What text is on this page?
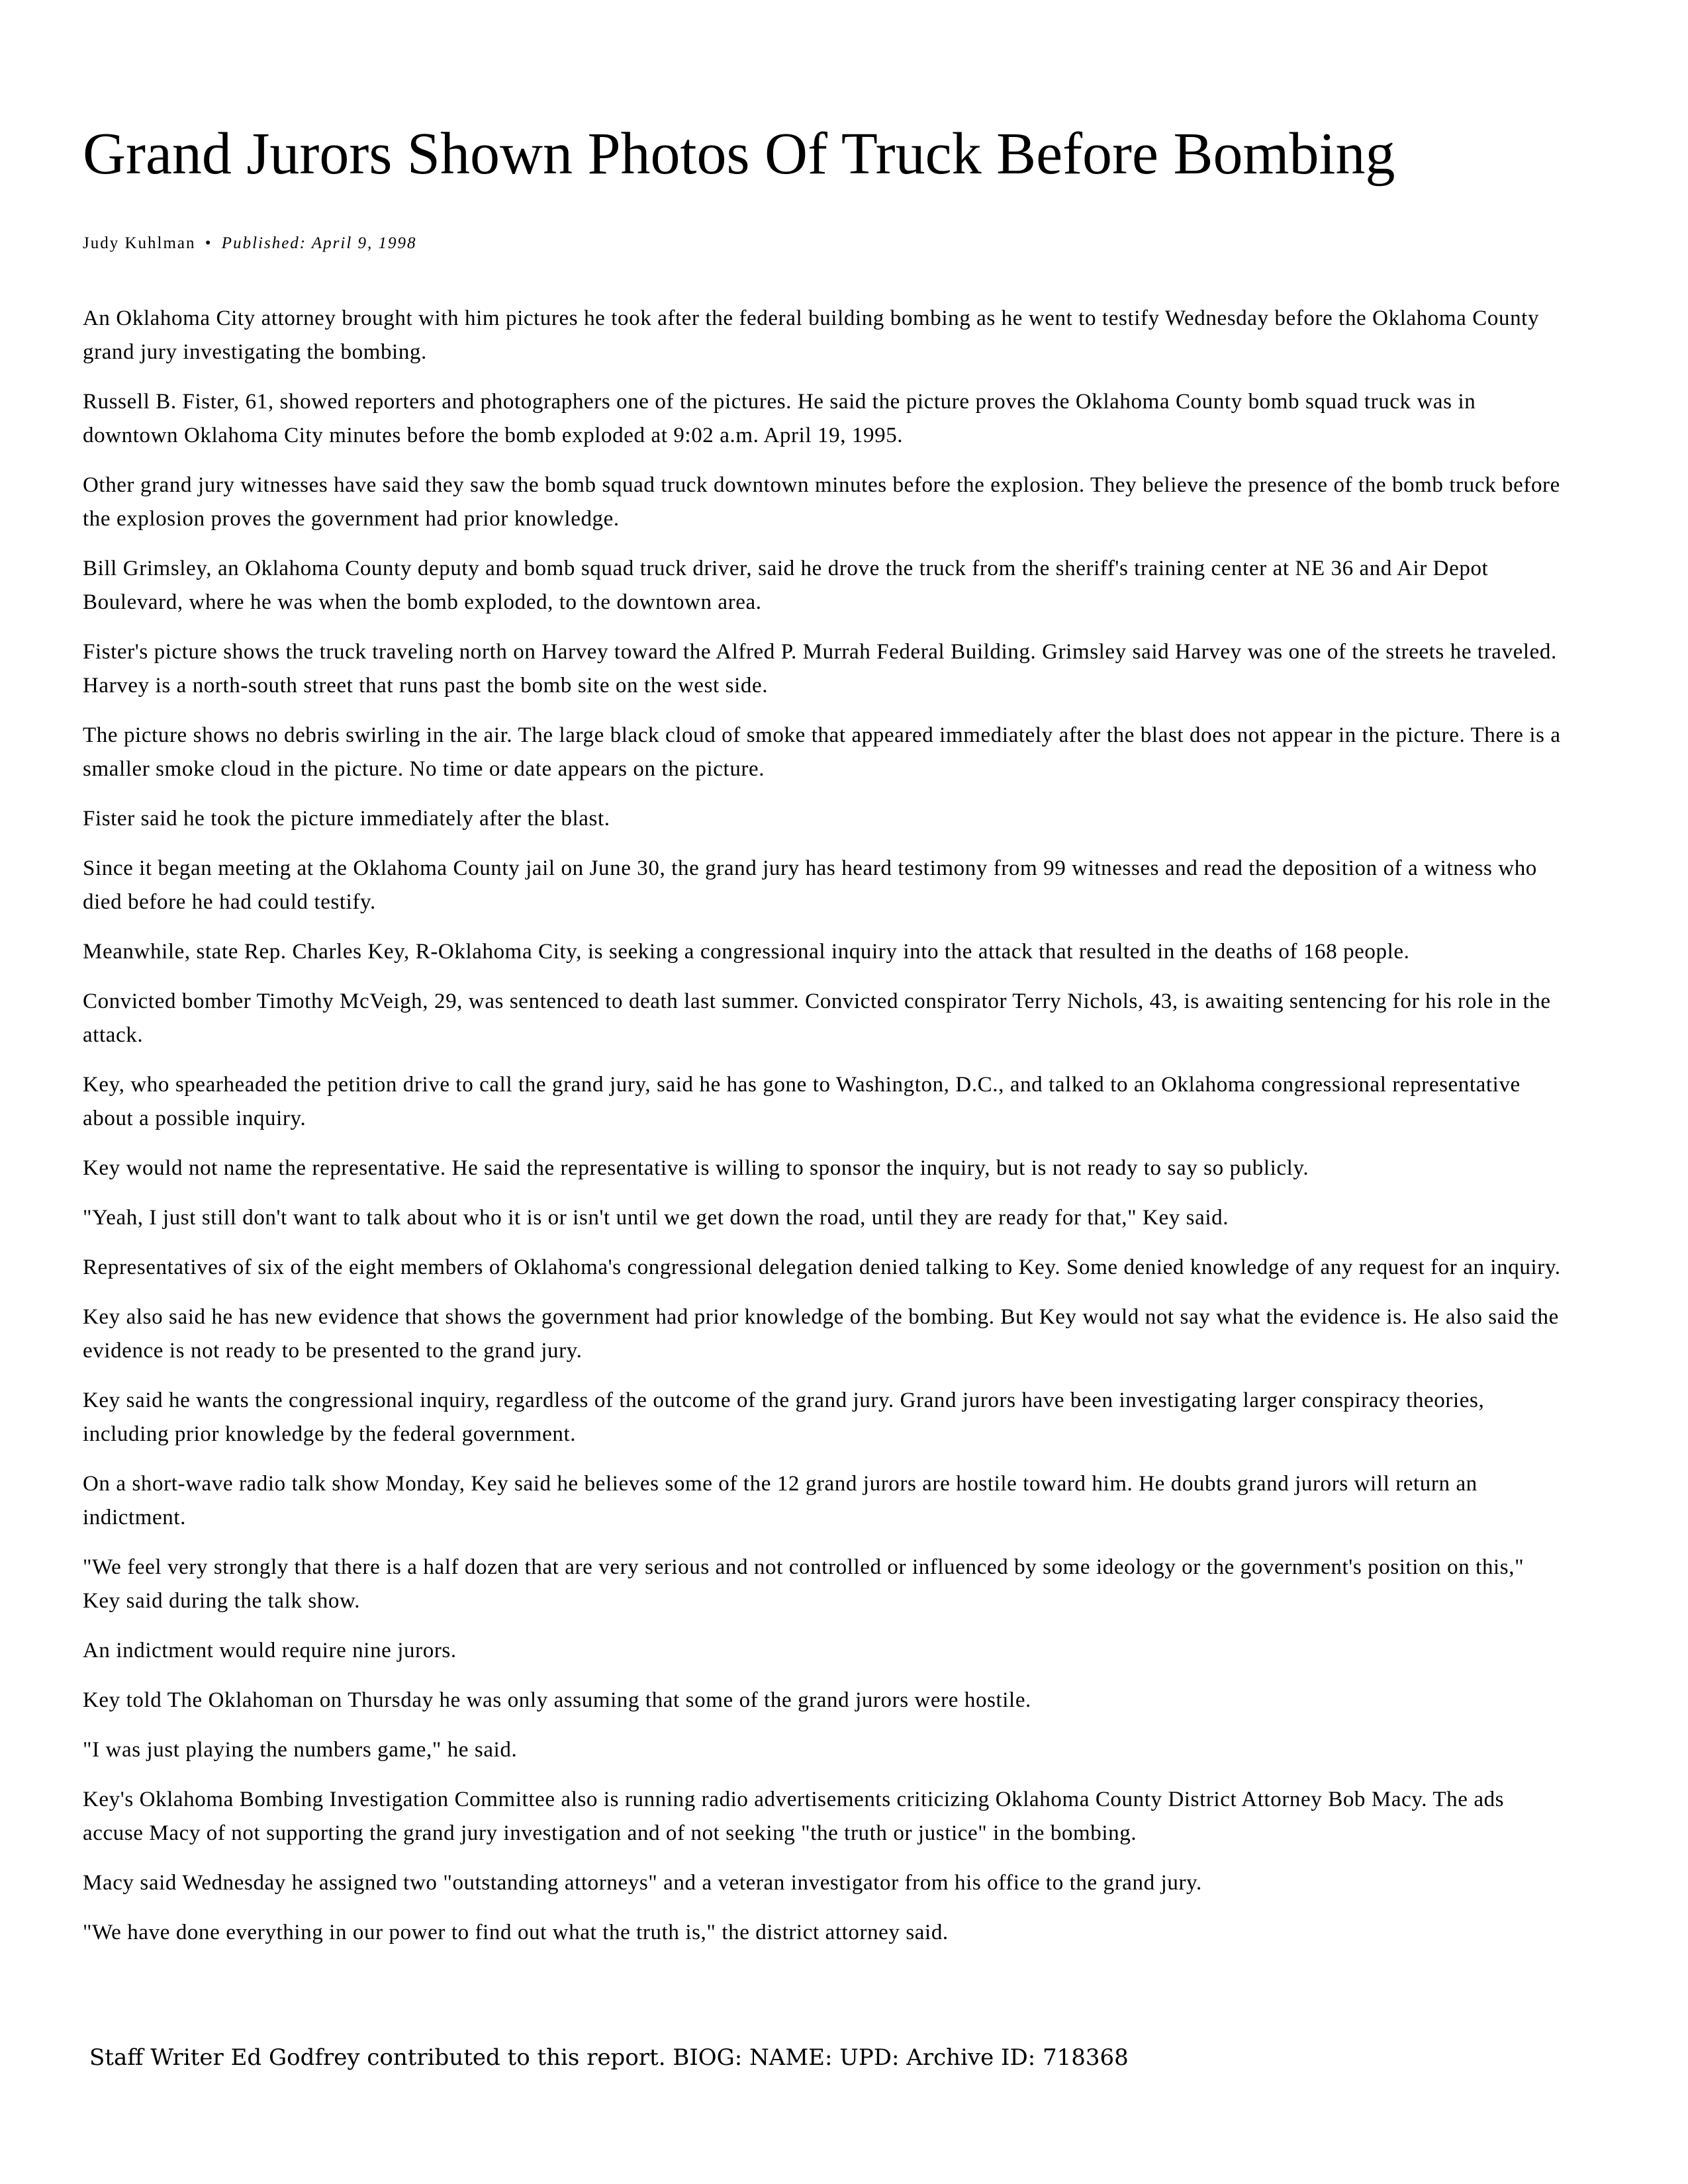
Grand Jurors Shown Photos Of Truck Before Bombing
Judy Kuhlman • Published: April 9, 1998

An Oklahoma City attorney brought with him pictures he took after the federal building bombing as he went to testify Wednesday before the Oklahoma County grand jury investigating the bombing.

Russell B. Fister, 61, showed reporters and photographers one of the pictures. He said the picture proves the Oklahoma County bomb squad truck was in downtown Oklahoma City minutes before the bomb exploded at 9:02 a.m. April 19, 1995.

Other grand jury witnesses have said they saw the bomb squad truck downtown minutes before the explosion. They believe the presence of the bomb truck before the explosion proves the government had prior knowledge.

Bill Grimsley, an Oklahoma County deputy and bomb squad truck driver, said he drove the truck from the sheriff's training center at NE 36 and Air Depot Boulevard, where he was when the bomb exploded, to the downtown area.

Fister's picture shows the truck traveling north on Harvey toward the Alfred P. Murrah Federal Building. Grimsley said Harvey was one of the streets he traveled. Harvey is a north-south street that runs past the bomb site on the west side.

The picture shows no debris swirling in the air. The large black cloud of smoke that appeared immediately after the blast does not appear in the picture. There is a smaller smoke cloud in the picture. No time or date appears on the picture.

Fister said he took the picture immediately after the blast.

Since it began meeting at the Oklahoma County jail on June 30, the grand jury has heard testimony from 99 witnesses and read the deposition of a witness who died before he had could testify.

Meanwhile, state Rep. Charles Key, R-Oklahoma City, is seeking a congressional inquiry into the attack that resulted in the deaths of 168 people.

Convicted bomber Timothy McVeigh, 29, was sentenced to death last summer. Convicted conspirator Terry Nichols, 43, is awaiting sentencing for his role in the attack.

Key, who spearheaded the petition drive to call the grand jury, said he has gone to Washington, D.C., and talked to an Oklahoma congressional representative about a possible inquiry.

Key would not name the representative. He said the representative is willing to sponsor the inquiry, but is not ready to say so publicly.

"Yeah, I just still don't want to talk about who it is or isn't until we get down the road, until they are ready for that," Key said.

Representatives of six of the eight members of Oklahoma's congressional delegation denied talking to Key. Some denied knowledge of any request for an inquiry.

Key also said he has new evidence that shows the government had prior knowledge of the bombing. But Key would not say what the evidence is. He also said the evidence is not ready to be presented to the grand jury.

Key said he wants the congressional inquiry, regardless of the outcome of the grand jury. Grand jurors have been investigating larger conspiracy theories, including prior knowledge by the federal government.

On a short-wave radio talk show Monday, Key said he believes some of the 12 grand jurors are hostile toward him. He doubts grand jurors will return an indictment.

"We feel very strongly that there is a half dozen that are very serious and not controlled or influenced by some ideology or the government's position on this," Key said during the talk show.

An indictment would require nine jurors.

Key told The Oklahoman on Thursday he was only assuming that some of the grand jurors were hostile.

"I was just playing the numbers game," he said.

Key's Oklahoma Bombing Investigation Committee also is running radio advertisements criticizing Oklahoma County District Attorney Bob Macy. The ads accuse Macy of not supporting the grand jury investigation and of not seeking "the truth or justice" in the bombing.

Macy said Wednesday he assigned two "outstanding attorneys" and a veteran investigator from his office to the grand jury.

"We have done everything in our power to find out what the truth is," the district attorney said.

Staff Writer Ed Godfrey contributed to this report. BIOG: NAME: UPD: Archive ID: 718368
